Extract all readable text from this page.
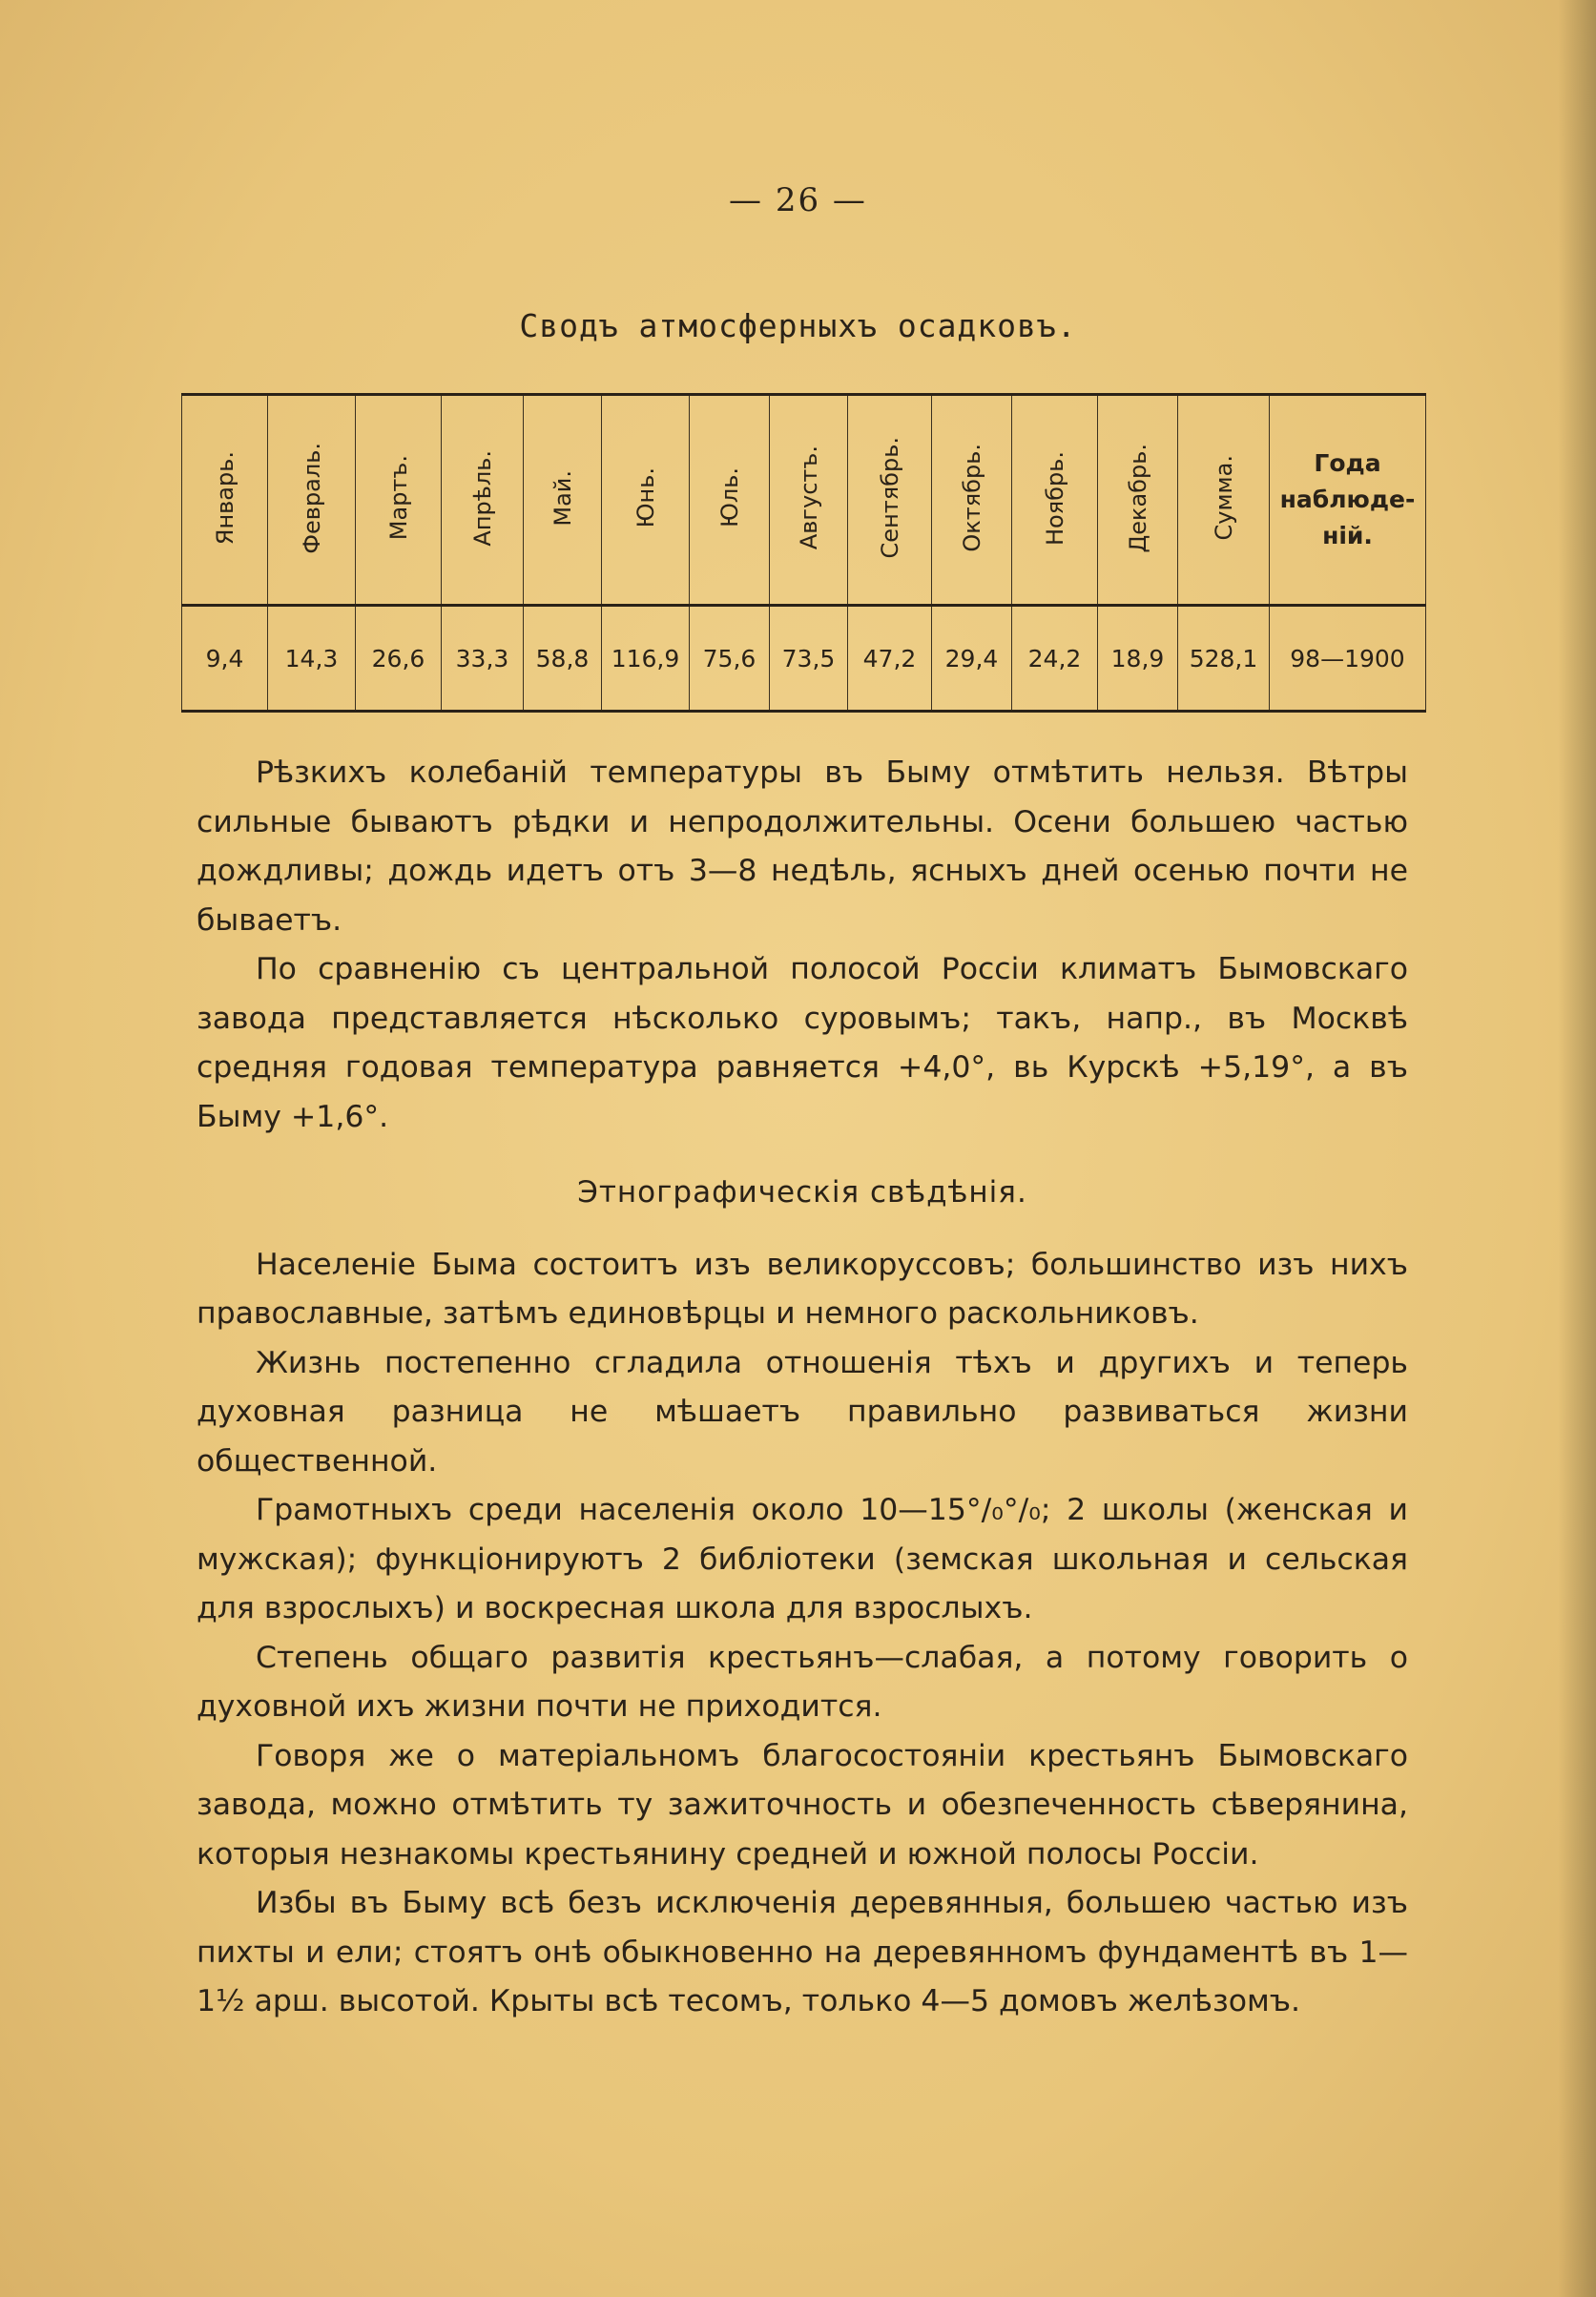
— 26 —
Сводъ атмосферныхъ осадковъ.
Январь.	Февраль.	Мартъ.	Апрѣль.	Май.	Юнь.	Юль.	Августъ.	Сентябрь.	Октябрь.	Ноябрь.	Декабрь.	Сумма.	Года наблюде-ній.

9,4	14,3	26,6	33,3	58,8	116,9	75,6	73,5	47,2	29,4	24,2	18,9	528,1	98—1900

Рѣзкихъ колебаній температуры въ Быму отмѣтить нельзя. Вѣтры сильные бываютъ рѣдки и непродолжительны. Осени большею частью дождливы; дождь идетъ отъ 3—8 недѣль, ясныхъ дней осенью почти не бываетъ.

По сравненію съ центральной полосой Россіи климатъ Бымовскаго завода представляется нѣсколько суровымъ; такъ, напр., въ Москвѣ средняя годовая температура равняется +4,0°, вь Курскѣ +5,19°, а въ Быму +1,6°.

Этнографическія свѣдѣнія.

Населеніе Быма состоитъ изъ великоруссовъ; большинство изъ нихъ православные, затѣмъ единовѣрцы и немного раскольниковъ.

Жизнь постепенно сгладила отношенія тѣхъ и другихъ и теперь духовная разница не мѣшаетъ правильно развиваться жизни общественной.

Грамотныхъ среди населенія около 10—15°/₀°/₀; 2 школы (женская и мужская); функціонируютъ 2 библіотеки (земская школьная и сельская для взрослыхъ) и воскресная школа для взрослыхъ.

Степень общаго развитія крестьянъ—слабая, а потому говорить о духовной ихъ жизни почти не приходится.

Говоря же о матеріальномъ благосостояніи крестьянъ Бымовскаго завода, можно отмѣтить ту зажиточность и обезпеченность сѣверянина, которыя незнакомы крестьянину средней и южной полосы Россіи.

Избы въ Быму всѣ безъ исключенія деревянныя, большею частью изъ пихты и ели; стоятъ онѣ обыкновенно на деревянномъ фундаментѣ въ 1—1½ арш. высотой. Крыты всѣ тесомъ, только 4—5 домовъ желѣзомъ.
